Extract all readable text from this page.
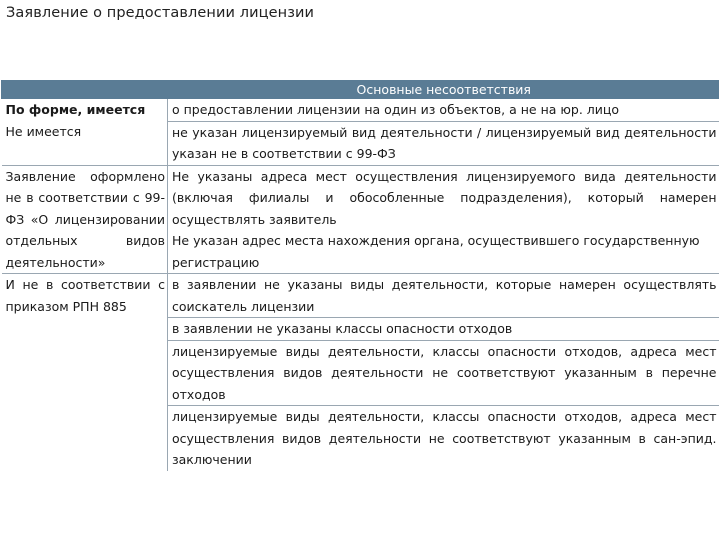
Заявление о предоставлении лицензии
	Основные несоответствия
По форме, имеется	о предоставлении лицензии на один из объектов, а не на юр. лицо
Не имеется	не указан лицензируемый вид деятельности / лицензируемый вид деятельности указан не в соответствии с 99-ФЗ
Заявление оформлено не в соответствии с 99-ФЗ «О лицензировании отдельных видов деятельности»	Не указаны адреса мест осуществления лицензируемого вида деятельности (включая филиалы и обособленные подразделения), который намерен осуществлять заявитель
Не указан адрес места нахождения органа, осуществившего государственную регистрацию

И не в соответствии с приказом РПН 885	в заявлении не указаны виды деятельности, которые намерен осуществлять соискатель лицензии
	в заявлении не указаны классы опасности отходов
	лицензируемые виды деятельности, классы опасности отходов, адреса мест осуществления видов деятельности не соответствуют указанным в перечне отходов
	лицензируемые виды деятельности, классы опасности отходов, адреса мест осуществления видов деятельности не соответствуют указанным в сан-эпид. заключении
